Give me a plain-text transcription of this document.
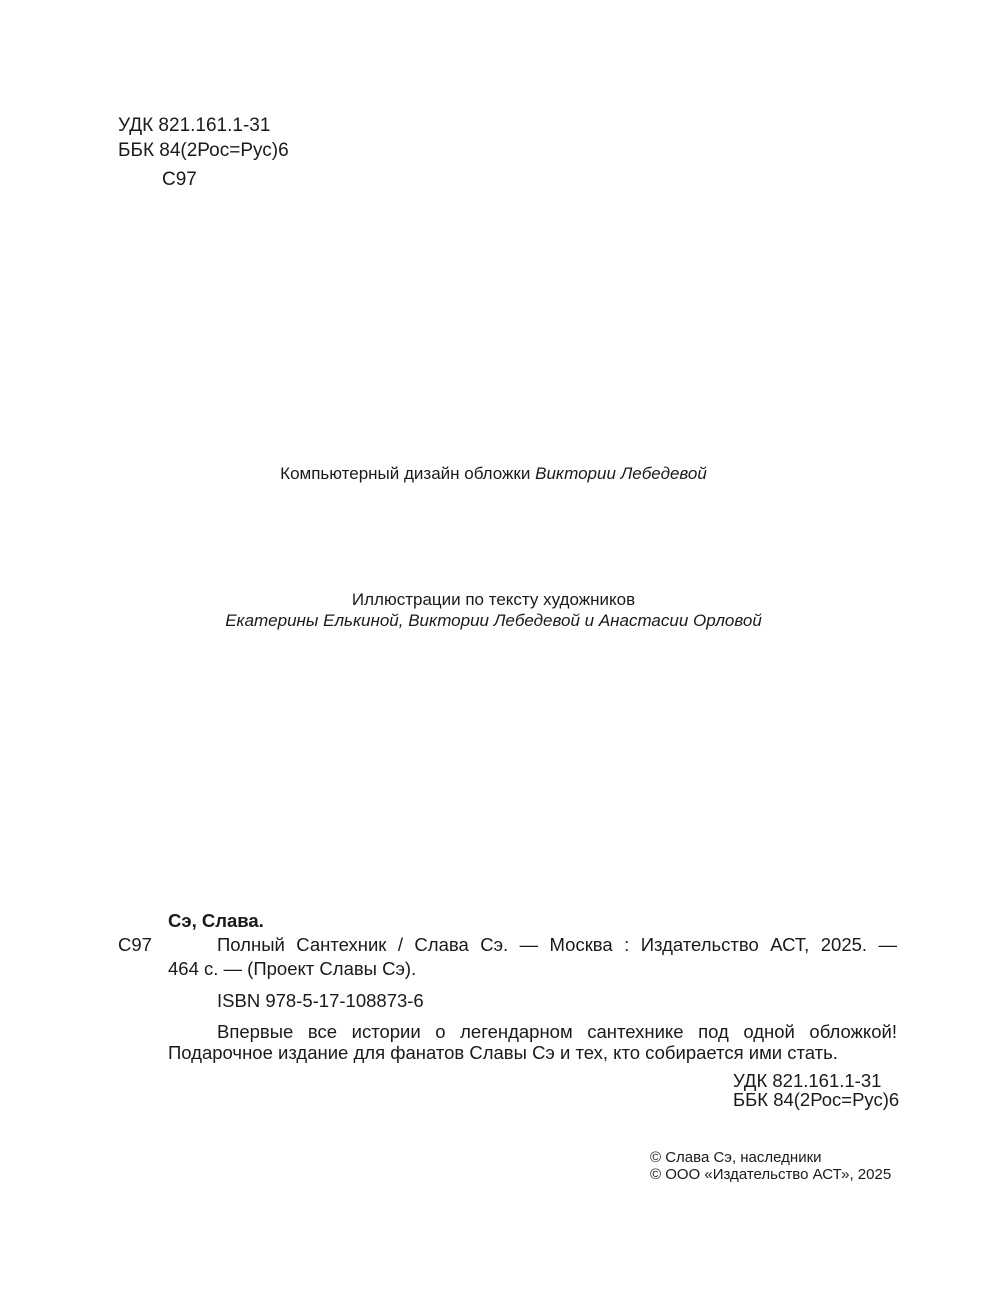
УДК 821.161.1-31
ББК 84(2Рос=Рус)6
С97
Компьютерный дизайн обложки Виктории Лебедевой
Иллюстрации по тексту художников
Екатерины Елькиной, Виктории Лебедевой и Анастасии Орловой
Сэ, Слава.
С97	Полный Сантехник / Слава Сэ. — Москва : Издательство АСТ, 2025. —
464 с. — (Проект Славы Сэ).
ISBN 978-5-17-108873-6
Впервые все истории о легендарном сантехнике под одной обложкой!
Подарочное издание для фанатов Славы Сэ и тех, кто собирается ими стать.
УДК 821.161.1-31
ББК 84(2Рос=Рус)6
© Слава Сэ, наследники
© ООО «Издательство АСТ», 2025
